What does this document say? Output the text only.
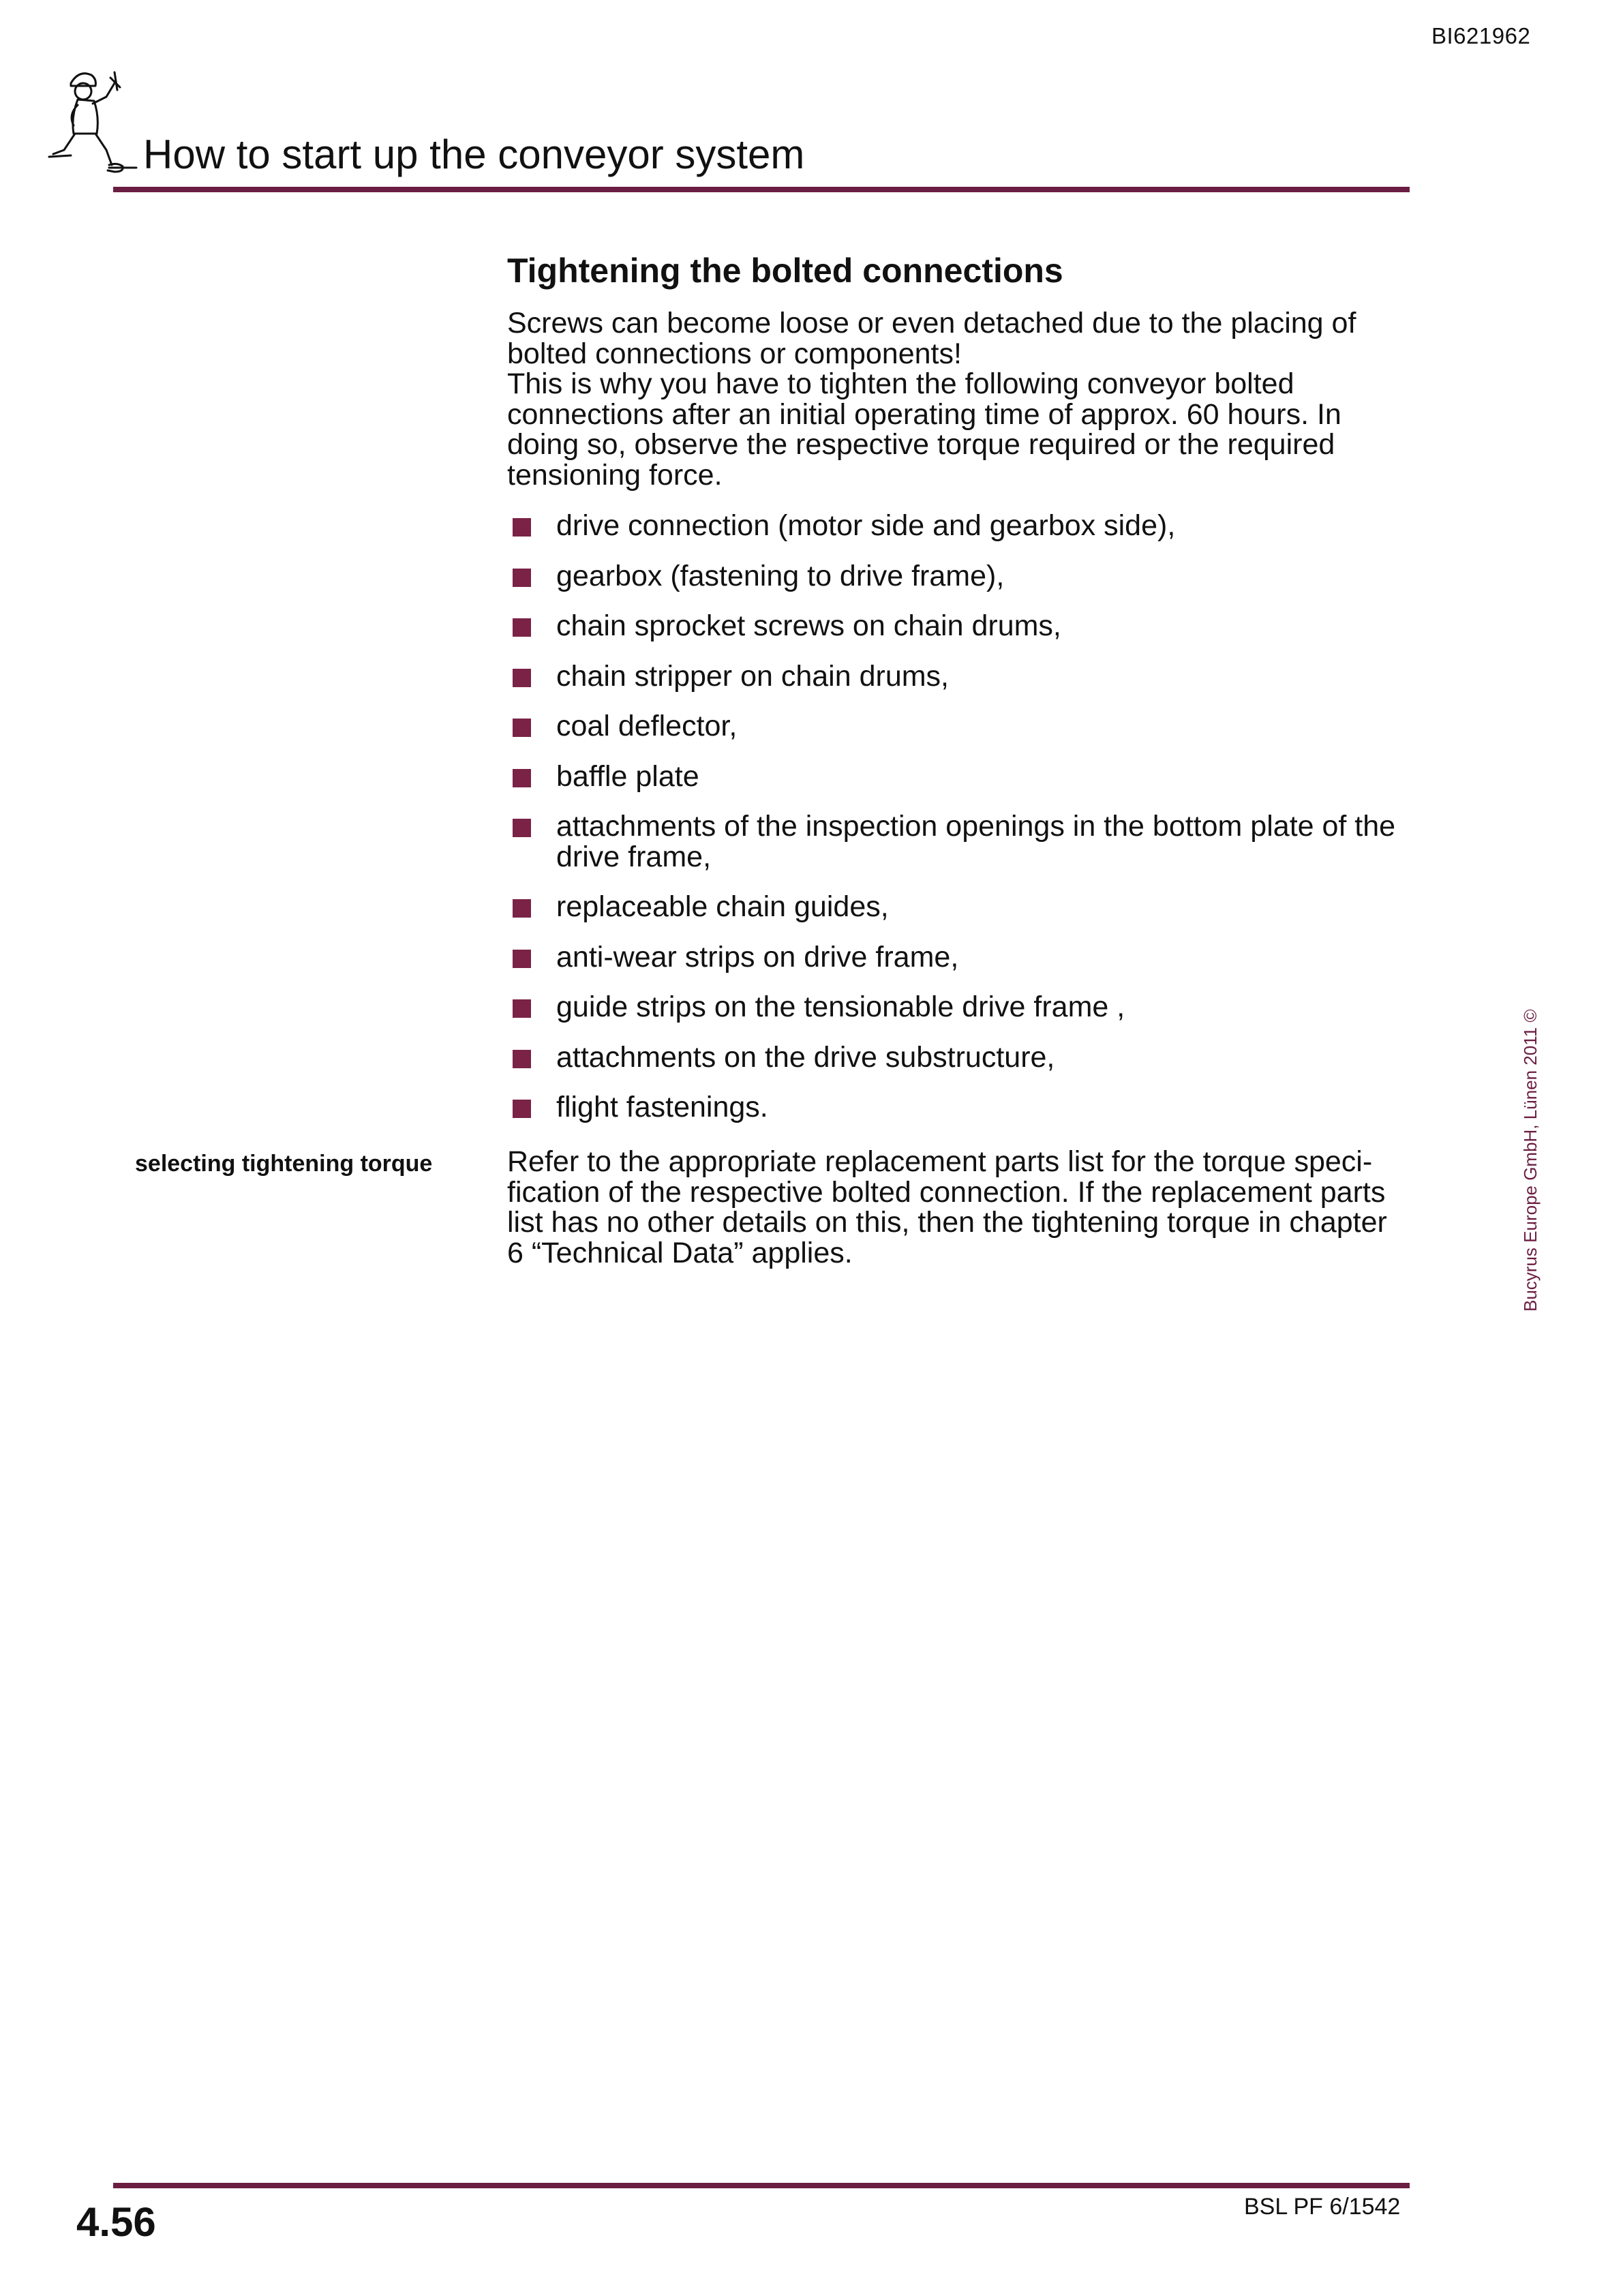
BI621962
How to start up the conveyor system
Tightening the bolted connections

Screws can become loose or even detached due to the placing of bolted connections or components!

This is why you have to tighten the following conveyor bolted connections after an initial operating time of approx. 60 hours. In doing so, observe the respective torque required or the required tensioning force.

drive connection (motor side and gearbox side),
gearbox (fastening to drive frame),
chain sprocket screws on chain drums,
chain stripper on chain drums,
coal deflector,
baffle plate
attachments of the inspection openings in the bottom plate of the drive frame,
replaceable chain guides,
anti-wear strips on drive frame,
guide strips on the tensionable drive frame ,
attachments on the drive substructure,
flight fastenings.
selecting tightening torque	Refer to the appropriate replacement parts list for the torque speci-fication of the respective bolted connection. If the replacement parts list has no other details on this, then the tightening torque in chapter 6 “Technical Data” applies.	Bucyrus Europe GmbH, Lünen 2011 ©
4.56	BSL PF 6/1542
